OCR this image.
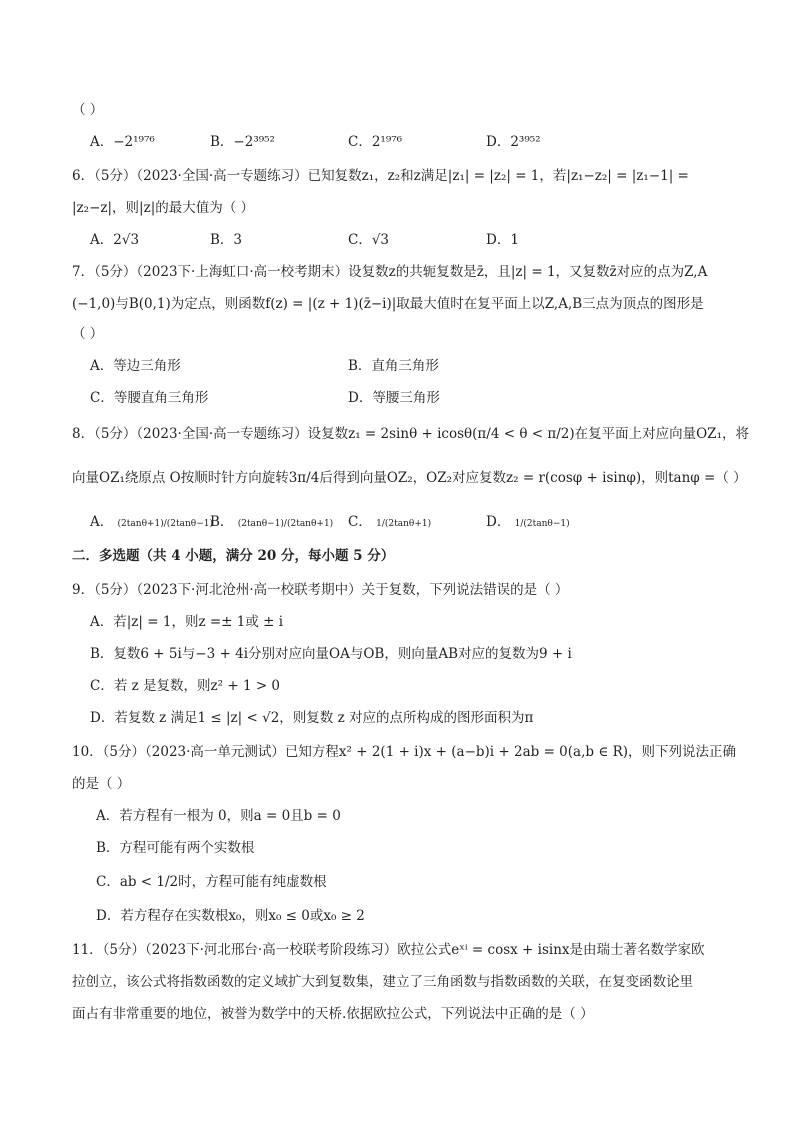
（ ）
A．−2¹⁹⁷⁶	B．−2³⁹⁵²	C．2¹⁹⁷⁶	D．2³⁹⁵²
6．（5分）（2023·全国·高一专题练习）已知复数z₁，z₂和z满足|z₁| = |z₂| = 1，若|z₁−z₂| = |z₁−1| =
|z₂−z|，则|z|的最大值为（ ）
A．2√3	B．3	C．√3	D．1
7．（5分）（2023下·上海虹口·高一校考期末）设复数z的共轭复数是z̄，且|z| = 1，又复数z̄对应的点为Z,A
(−1,0)与B(0,1)为定点，则函数f(z) = |(z + 1)(z̄−i)|取最大值时在复平面上以Z,A,B三点为顶点的图形是
（ ）
A．等边三角形	B．直角三角形
C．等腰直角三角形	D．等腰三角形
8．（5分）（2023·全国·高一专题练习）设复数z₁ = 2sinθ + icosθ(π/4 < θ < π/2)在复平面上对应向量OZ₁，将
向量OZ₁绕原点 O按顺时针方向旋转3π/4后得到向量OZ₂，OZ₂对应复数z₂ = r(cosφ + isinφ)，则tanφ =（ ）
A． (2tanθ+1)/(2tanθ−1)
B． (2tanθ−1)/(2tanθ+1) C． 1/(2tanθ+1)	D． 1/(2tanθ−1)
二．多选题（共 4 小题，满分 20 分，每小题 5 分）
9．（5分）（2023下·河北沧州·高一校联考期中）关于复数，下列说法错误的是（ ）
A．若|z| = 1，则z =± 1或 ± i
B．复数6 + 5i与−3 + 4i分别对应向量OA与OB，则向量AB对应的复数为9 + i
C．若 z 是复数，则z² + 1 > 0
D．若复数 z 满足1 ≤ |z| < √2，则复数 z 对应的点所构成的图形面积为π
10．（5分）（2023·高一单元测试）已知方程x² + 2(1 + i)x + (a−b)i + 2ab = 0(a,b ∈ R)，则下列说法正确
的是（ ）
A．若方程有一根为 0，则a = 0且b = 0
B．方程可能有两个实数根
C．ab < 1/2时，方程可能有纯虚数根
D．若方程存在实数根x₀，则x₀ ≤ 0或x₀ ≥ 2
11．（5分）（2023下·河北邢台·高一校联考阶段练习）欧拉公式eˣⁱ = cosx + isinx是由瑞士著名数学家欧
拉创立，该公式将指数函数的定义域扩大到复数集，建立了三角函数与指数函数的关联，在复变函数论里
面占有非常重要的地位，被誉为数学中的天桥.依据欧拉公式，下列说法中正确的是（ ）
